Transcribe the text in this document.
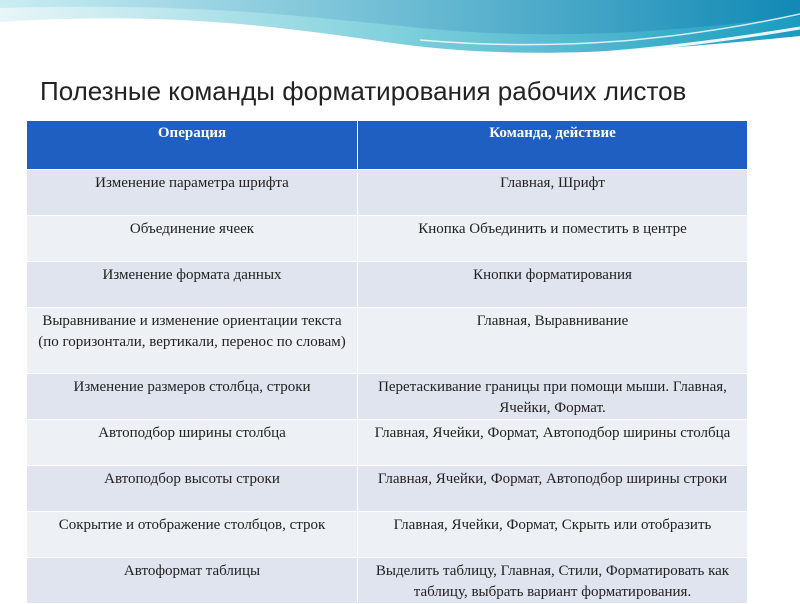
Полезные команды форматирования рабочих листов
Операция	Команда, действие
Изменение параметра шрифта	Главная, Шрифт
Объединение ячеек	Кнопка Объединить и поместить в центре
Изменение формата данных	Кнопки форматирования
Выравнивание и изменение ориентации текста (по горизонтали, вертикали, перенос по словам)	Главная, Выравнивание
Изменение размеров столбца, строки	Перетаскивание границы при помощи мыши. Главная, Ячейки, Формат.
Автоподбор ширины столбца	Главная, Ячейки, Формат, Автоподбор ширины столбца
Автоподбор высоты строки	Главная, Ячейки, Формат, Автоподбор ширины строки
Сокрытие и отображение столбцов, строк	Главная, Ячейки, Формат, Скрыть или отобразить
Автоформат таблицы	Выделить таблицу, Главная, Стили, Форматировать как таблицу, выбрать вариант форматирования.
